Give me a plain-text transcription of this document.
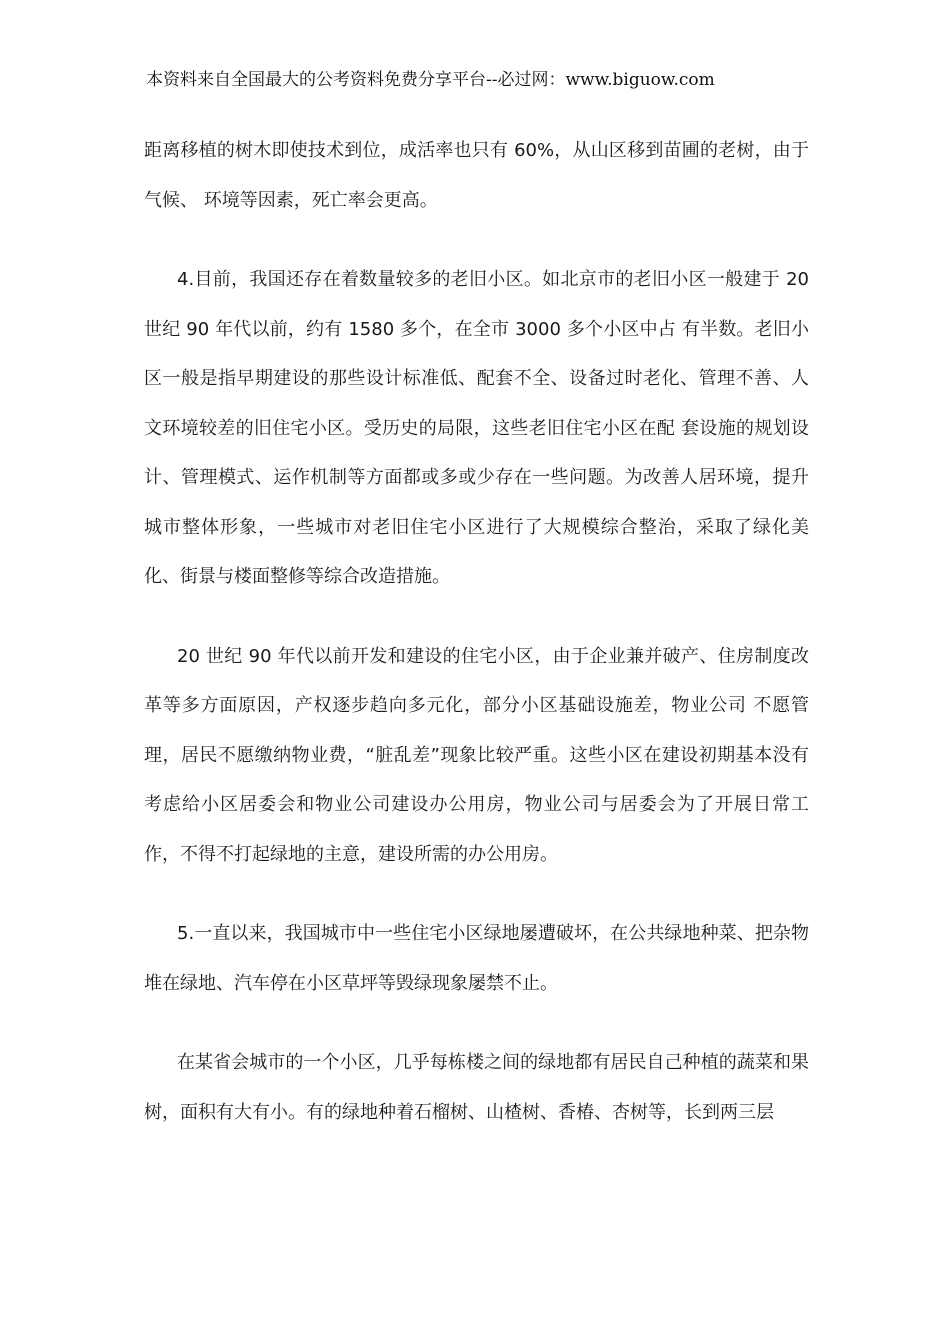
本资料来自全国最大的公考资料免费分享平台--必过网：www.biguow.com

距离移植的树木即使技术到位，成活率也只有 60%，从山区移到苗圃的老树，由于气候、 环境等因素，死亡率会更高。

4.目前，我国还存在着数量较多的老旧小区。如北京市的老旧小区一般建于 20 世纪 90 年代以前，约有 1580 多个，在全市 3000 多个小区中占 有半数。老旧小区一般是指早期建设的那些设计标准低、配套不全、设备过时老化、管理不善、人文环境较差的旧住宅小区。受历史的局限，这些老旧住宅小区在配 套设施的规划设计、管理模式、运作机制等方面都或多或少存在一些问题。为改善人居环境，提升城市整体形象，一些城市对老旧住宅小区进行了大规模综合整治，采取了绿化美化、街景与楼面整修等综合改造措施。

20 世纪 90 年代以前开发和建设的住宅小区，由于企业兼并破产、住房制度改革等多方面原因，产权逐步趋向多元化，部分小区基础设施差，物业公司 不愿管理，居民不愿缴纳物业费，“脏乱差”现象比较严重。这些小区在建设初期基本没有考虑给小区居委会和物业公司建设办公用房，物业公司与居委会为了开展日常工作，不得不打起绿地的主意，建设所需的办公用房。

5.一直以来，我国城市中一些住宅小区绿地屡遭破坏，在公共绿地种菜、把杂物堆在绿地、汽车停在小区草坪等毁绿现象屡禁不止。

在某省会城市的一个小区，几乎每栋楼之间的绿地都有居民自己种植的蔬菜和果树，面积有大有小。有的绿地种着石榴树、山楂树、香椿、杏树等，长到两三层
